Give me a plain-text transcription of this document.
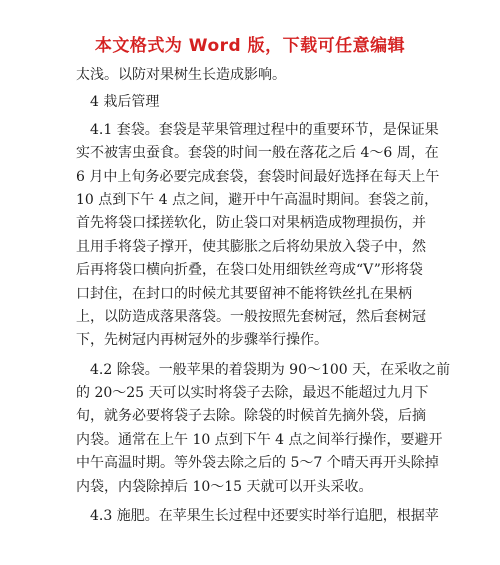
本文格式为 Word 版，下载可任意编辑
太浅。以防对果树生长造成影响。
4 栽后管理
4.1 套袋。套袋是苹果管理过程中的重要环节，是保证果
实不被害虫蚕食。套袋的时间一般在落花之后 4～6 周，在
6 月中上旬务必要完成套袋，套袋时间最好选择在每天上午
10 点到下午 4 点之间，避开中午高温时期间。套袋之前，
首先将袋口揉搓软化，防止袋口对果柄造成物理损伤，并
且用手将袋子撑开，使其膨胀之后将幼果放入袋子中，然
后再将袋口横向折叠，在袋口处用细铁丝弯成“V”形将袋
口封住，在封口的时候尤其要留神不能将铁丝扎在果柄
上，以防造成落果落袋。一般按照先套树冠，然后套树冠
下，先树冠内再树冠外的步骤举行操作。
4.2 除袋。一般苹果的着袋期为 90～100 天，在采收之前
的 20～25 天可以实时将袋子去除，最迟不能超过九月下
旬，就务必要将袋子去除。除袋的时候首先摘外袋，后摘
内袋。通常在上午 10 点到下午 4 点之间举行操作，要避开
中午高温时期。等外袋去除之后的 5～7 个晴天再开头除掉
内袋，内袋除掉后 10～15 天就可以开头采收。
4.3 施肥。在苹果生长过程中还要实时举行追肥，根据苹
